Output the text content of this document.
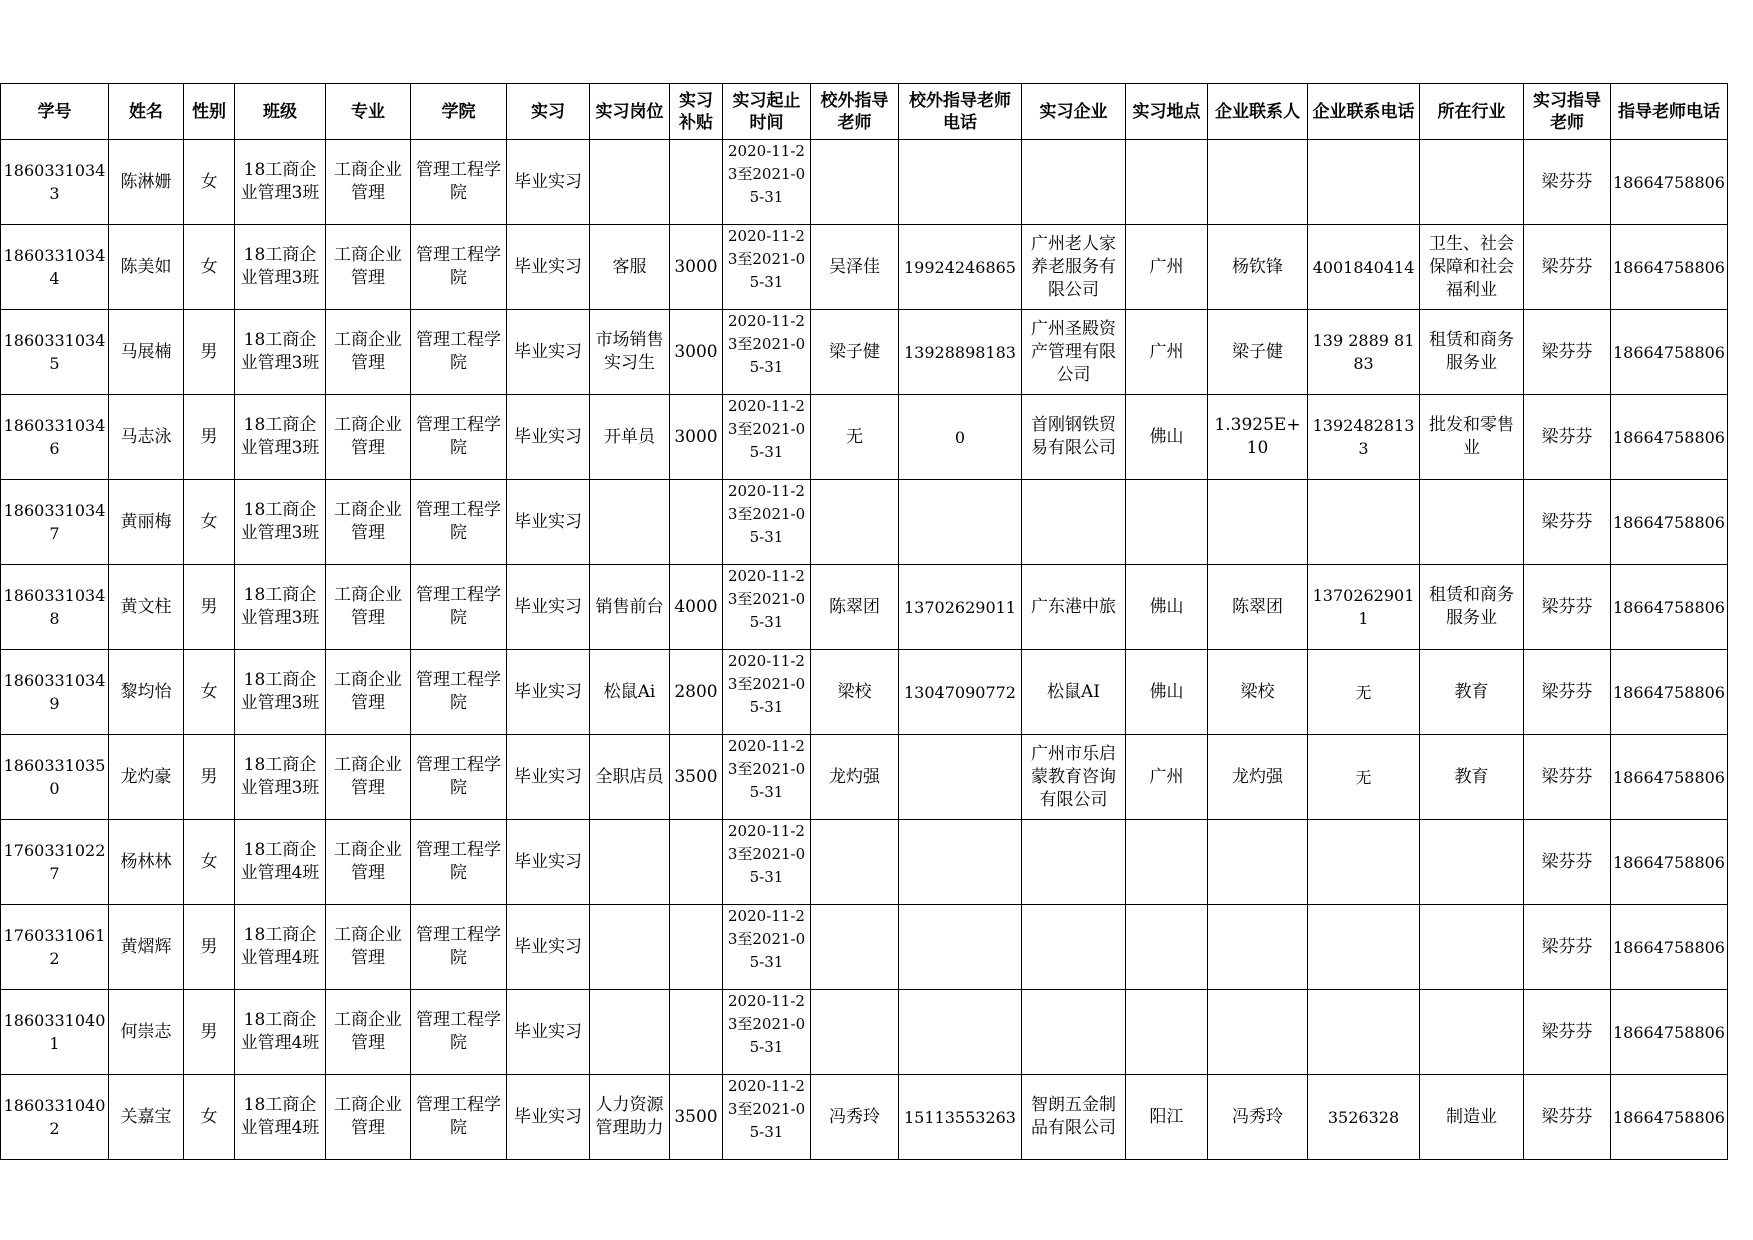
学号	姓名	性别	班级	专业	学院	实习	实习岗位	实习补贴	实习起止时间	校外指导老师	校外指导老师电话	实习企业	实习地点	企业联系人	企业联系电话	所在行业	实习指导老师	指导老师电话
18603310343	陈淋姗	女	18工商企业管理3班	工商企业管理	管理工程学院	毕业实习			2020-11-23至2021-05-31								梁芬芬	18664758806
18603310344	陈美如	女	18工商企业管理3班	工商企业管理	管理工程学院	毕业实习	客服	3000	2020-11-23至2021-05-31	吴泽佳	19924246865	广州老人家养老服务有限公司	广州	杨钦锋	4001840414	卫生、社会保障和社会福利业	梁芬芬	18664758806
18603310345	马展楠	男	18工商企业管理3班	工商企业管理	管理工程学院	毕业实习	市场销售实习生	3000	2020-11-23至2021-05-31	梁子健	13928898183	广州圣殿资产管理有限公司	广州	梁子健	139 2889 8183	租赁和商务服务业	梁芬芬	18664758806
18603310346	马志泳	男	18工商企业管理3班	工商企业管理	管理工程学院	毕业实习	开单员	3000	2020-11-23至2021-05-31	无	0	首刚钢铁贸易有限公司	佛山	1.3925E+10	13924828133	批发和零售业	梁芬芬	18664758806
18603310347	黄丽梅	女	18工商企业管理3班	工商企业管理	管理工程学院	毕业实习			2020-11-23至2021-05-31								梁芬芬	18664758806
18603310348	黄文柱	男	18工商企业管理3班	工商企业管理	管理工程学院	毕业实习	销售前台	4000	2020-11-23至2021-05-31	陈翠团	13702629011	广东港中旅	佛山	陈翠团	13702629011	租赁和商务服务业	梁芬芬	18664758806
18603310349	黎均怡	女	18工商企业管理3班	工商企业管理	管理工程学院	毕业实习	松鼠Ai	2800	2020-11-23至2021-05-31	梁校	13047090772	松鼠AI	佛山	梁校	无	教育	梁芬芬	18664758806
18603310350	龙灼豪	男	18工商企业管理3班	工商企业管理	管理工程学院	毕业实习	全职店员	3500	2020-11-23至2021-05-31	龙灼强		广州市乐启蒙教育咨询有限公司	广州	龙灼强	无	教育	梁芬芬	18664758806
17603310227	杨林林	女	18工商企业管理4班	工商企业管理	管理工程学院	毕业实习			2020-11-23至2021-05-31								梁芬芬	18664758806
17603310612	黄熠辉	男	18工商企业管理4班	工商企业管理	管理工程学院	毕业实习			2020-11-23至2021-05-31								梁芬芬	18664758806
18603310401	何崇志	男	18工商企业管理4班	工商企业管理	管理工程学院	毕业实习			2020-11-23至2021-05-31								梁芬芬	18664758806
18603310402	关嘉宝	女	18工商企业管理4班	工商企业管理	管理工程学院	毕业实习	人力资源管理助力	3500	2020-11-23至2021-05-31	冯秀玲	15113553263	智朗五金制品有限公司	阳江	冯秀玲	3526328	制造业	梁芬芬	18664758806
